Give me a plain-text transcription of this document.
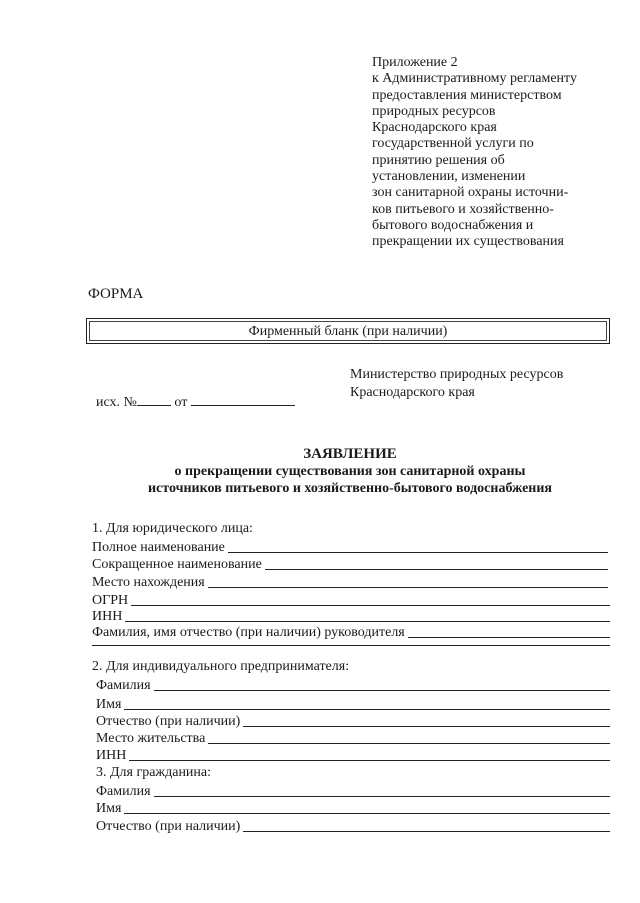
Приложение 2
к Административному регламенту
предоставления министерством
природных ресурсов
Краснодарского края
государственной услуги по
принятию решения об
установлении, изменении
зон санитарной охраны источни-
ков питьевого и хозяйственно-
бытового водоснабжения и
прекращении их существования
ФОРМА
Фирменный бланк (при наличии)
исх. №	от
Министерство природных ресурсов
Краснодарского края
ЗАЯВЛЕНИЕ
о прекращении существования зон санитарной охраны
источников питьевого и хозяйственно-бытового водоснабжения
1. Для юридического лица:
Полное наименование
Сокращенное наименование
Место нахождения
ОГРН
ИНН
Фамилия, имя отчество (при наличии) руководителя
2. Для индивидуального предпринимателя:
Фамилия
Имя
Отчество (при наличии)
Место жительства
ИНН
3. Для гражданина:
Фамилия
Имя
Отчество (при наличии)
